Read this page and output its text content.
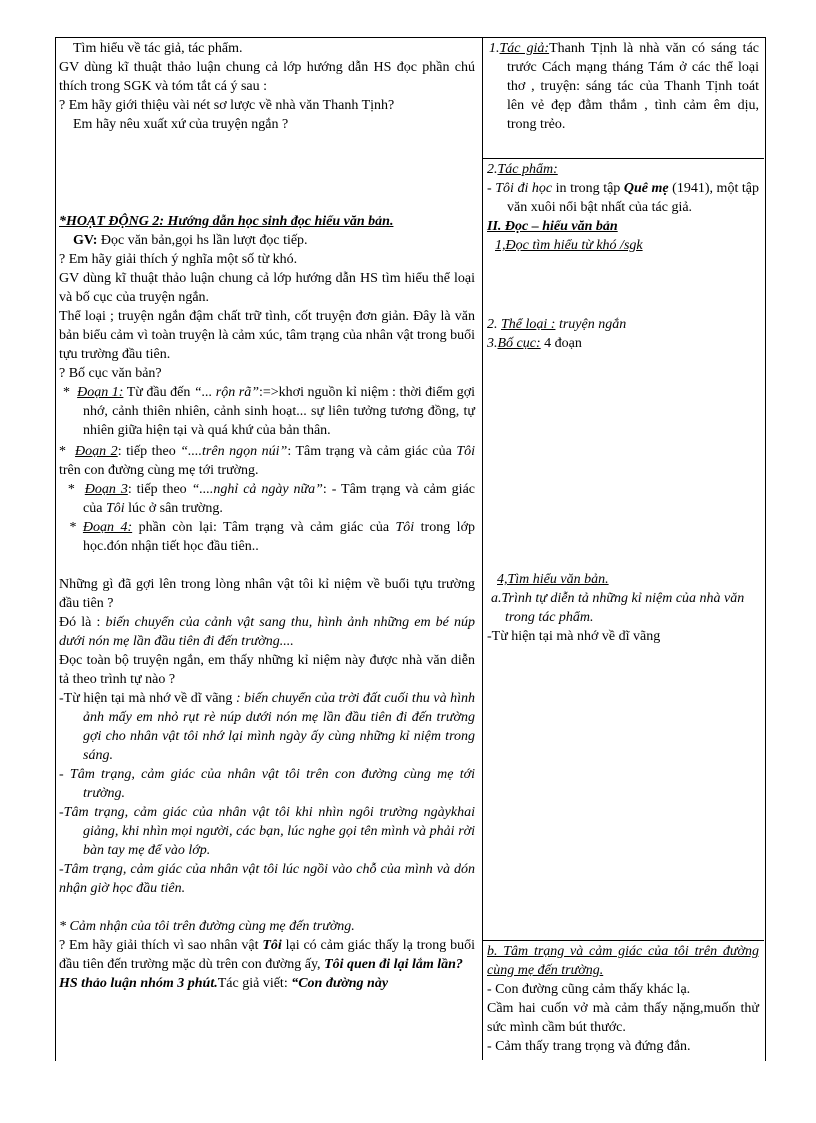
Tìm hiểu về tác giả, tác phẩm.

GV dùng kĩ thuật thảo luận chung cả lớp hướng dẫn HS đọc phần chú thích trong SGK và tóm tắt cá ý sau :

? Em hãy giới thiệu vài nét sơ lược về nhà văn Thanh Tịnh?

Em hãy nêu xuất xứ của truyện ngắn ?

*HOẠT ĐỘNG 2: Hướng dẫn học sinh đọc hiểu văn bản.

GV: Đọc văn bản,gọi hs lần lượt đọc tiếp.

? Em hãy giải thích ý nghĩa một số từ khó.

GV dùng kĩ thuật thảo luận chung cả lớp hướng dẫn HS tìm hiểu thể loại và bố cục của truyện ngắn.

Thể loại ; truyện ngắn đậm chất trữ tình, cốt truyện đơn giản. Đây là văn bản biểu cảm vì toàn truyện là cảm xúc, tâm trạng của nhân vật trong buổi tựu trường đầu tiên.

? Bố cục văn bản?

*  Đoạn 1: Từ đầu đến “... rộn rã”:=>khơi nguồn kỉ niệm : thời điểm gợi nhớ, cảnh thiên nhiên, cảnh sinh hoạt... sự liên tưởng tương đồng, tự nhiên giữa hiện tại và quá khứ của bản thân.

*  Đoạn 2: tiếp theo “....trên ngọn núi”: Tâm trạng và cảm giác của Tôi trên con đường cùng mẹ tới trường.

*  Đoạn 3: tiếp theo “....nghỉ cả ngày nữa”: - Tâm trạng và cảm giác của Tôi lúc ở sân trường.

* Đoạn 4: phần còn lại: Tâm trạng và cảm giác của Tôi trong lớp học.đón nhận tiết học đầu tiên..

Những gì đã gợi lên trong lòng nhân vật tôi kỉ niệm về buổi tựu trường đầu tiên ?

Đó là : biến chuyển của cảnh vật sang thu, hình ảnh những em bé núp dưới nón mẹ lần đầu tiên đi đến trường....

Đọc toàn bộ truyện ngắn, em thấy những kỉ niệm này được nhà văn diễn tả theo trình tự nào ?

-Từ hiện tại mà nhớ về dĩ vãng : biến chuyển của trời đất cuối thu và hình ảnh mấy em nhỏ rụt rè núp dưới nón mẹ lần đầu tiên đi đến trường gợi cho nhân vật tôi nhớ lại mình ngày ấy cùng những kỉ niệm trong sáng.

- Tâm trạng, cảm giác của nhân vật tôi trên con đường cùng mẹ tới trường.

-Tâm trạng, cảm giác của nhân vật tôi khi nhìn ngôi trường ngàykhai giảng, khi nhìn mọi người, các bạn, lúc nghe gọi tên mình và phải rời bàn tay mẹ để vào lớp.

-Tâm trạng, cảm giác của nhân vật tôi lúc ngồi vào chỗ của mình và dón nhận giờ học đầu tiên.

* Cảm nhận của tôi trên đường cùng mẹ đến trường.

? Em hãy giải thích vì sao nhân vật Tôi lại có cảm giác thấy lạ trong buổi đầu tiên đến trường mặc dù trên con đường ấy, Tôi quen đi lại lắm lần?

HS thảo luận nhóm 3 phút.Tác giả viết: “Con đường này

1.Tác giả:Thanh Tịnh là nhà văn có sáng tác trước Cách mạng tháng Tám ở các thể loại thơ , truyện: sáng tác của Thanh Tịnh toát lên vẻ đẹp đằm thắm , tình cảm êm dịu, trong trẻo.

2.Tác phẩm:

- Tôi đi học in trong tập Quê mẹ (1941), một tập văn xuôi nổi bật nhất của tác giả.

II. Đọc – hiểu văn bản

1,Đọc tìm hiểu từ khó /sgk

2. Thể loại : truyện ngắn

3.Bố cục: 4 đoạn

4,Tìm hiểu văn bản.

a.Trình tự diễn tả những kỉ niệm của nhà văn trong tác phẩm.

-Từ hiện tại mà nhớ về dĩ vãng

b. Tâm trạng và cảm giác của tôi trên đường cùng mẹ đến trường.

- Con đường cũng cảm thấy khác lạ.

Cầm hai cuốn vở mà cảm thấy nặng,muốn thử sức mình cầm bút thước.

- Cảm thấy trang trọng và đứng đắn.
